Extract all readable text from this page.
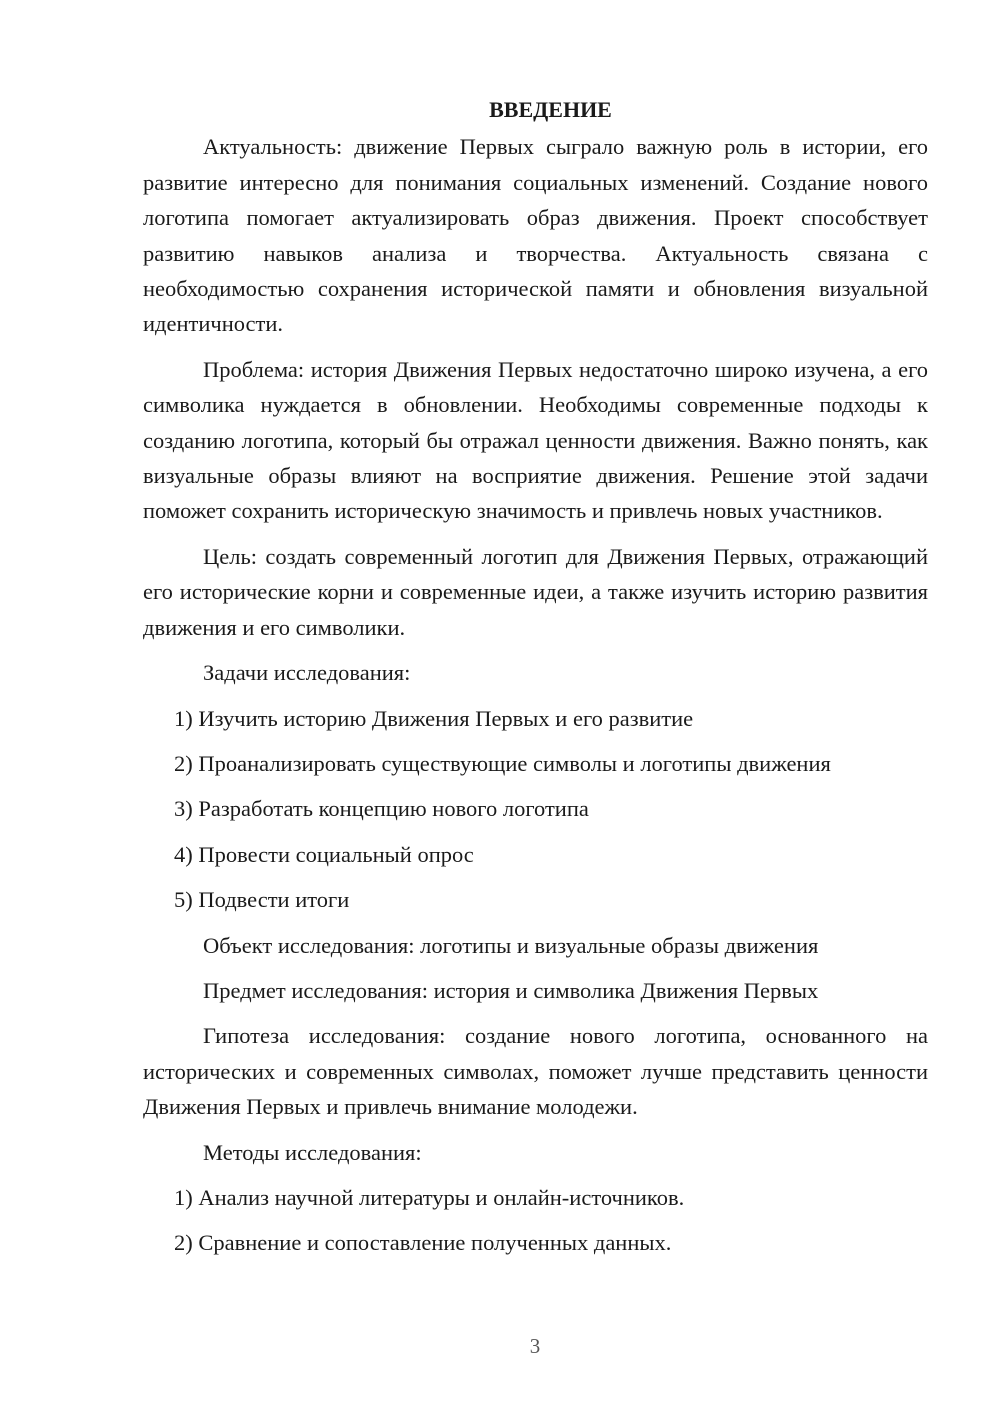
ВВЕДЕНИЕ

Актуальность: движение Первых сыграло важную роль в истории, его развитие интересно для понимания социальных изменений. Создание нового логотипа помогает актуализировать образ движения. Проект способствует развитию навыков анализа и творчества. Актуальность связана с необходимостью сохранения исторической памяти и обновления визуальной идентичности.

Проблема: история Движения Первых недостаточно широко изучена, а его символика нуждается в обновлении. Необходимы современные подходы к созданию логотипа, который бы отражал ценности движения. Важно понять, как визуальные образы влияют на восприятие движения. Решение этой задачи поможет сохранить историческую значимость и привлечь новых участников.

Цель: создать современный логотип для Движения Первых, отражающий его исторические корни и современные идеи, а также изучить историю развития движения и его символики.

Задачи исследования:
1) Изучить историю Движения Первых и его развитие
2) Проанализировать существующие символы и логотипы движения
3) Разработать концепцию нового логотипа
4) Провести социальный опрос
5) Подвести итоги
Объект исследования: логотипы и визуальные образы движения
Предмет исследования: история и символика Движения Первых

Гипотеза исследования: создание нового логотипа, основанного на исторических и современных символах, поможет лучше представить ценности Движения Первых и привлечь внимание молодежи.

Методы исследования:
1) Анализ научной литературы и онлайн-источников.
2) Сравнение и сопоставление полученных данных.
3
